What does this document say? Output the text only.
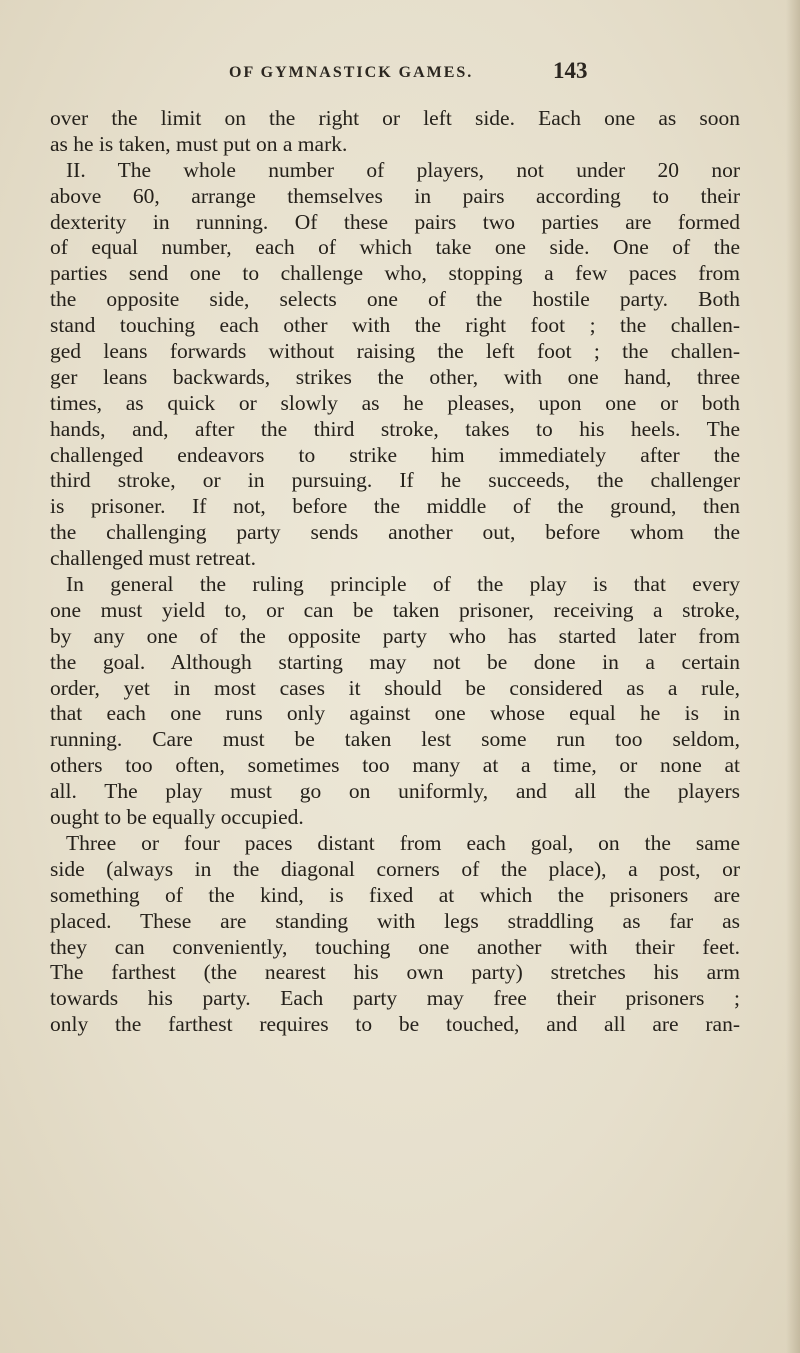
OF GYMNASTICK GAMES.	143
over the limit on the right or left side. Each one as soon
as he is taken, must put on a mark.
II. The whole number of players, not under 20 nor
above 60, arrange themselves in pairs according to their
dexterity in running. Of these pairs two parties are formed
of equal number, each of which take one side. One of the
parties send one to challenge who, stopping a few paces from
the opposite side, selects one of the hostile party. Both
stand touching each other with the right foot ; the challen-
ged leans forwards without raising the left foot ; the challen-
ger leans backwards, strikes the other, with one hand, three
times, as quick or slowly as he pleases, upon one or both
hands, and, after the third stroke, takes to his heels. The
challenged endeavors to strike him immediately after the
third stroke, or in pursuing. If he succeeds, the challenger
is prisoner. If not, before the middle of the ground, then
the challenging party sends another out, before whom the
challenged must retreat.
In general the ruling principle of the play is that every
one must yield to, or can be taken prisoner, receiving a stroke,
by any one of the opposite party who has started later from
the goal. Although starting may not be done in a certain
order, yet in most cases it should be considered as a rule,
that each one runs only against one whose equal he is in
running. Care must be taken lest some run too seldom,
others too often, sometimes too many at a time, or none at
all. The play must go on uniformly, and all the players
ought to be equally occupied.
Three or four paces distant from each goal, on the same
side (always in the diagonal corners of the place), a post, or
something of the kind, is fixed at which the prisoners are
placed. These are standing with legs straddling as far as
they can conveniently, touching one another with their feet.
The farthest (the nearest his own party) stretches his arm
towards his party. Each party may free their prisoners ;
only the farthest requires to be touched, and all are ran-
